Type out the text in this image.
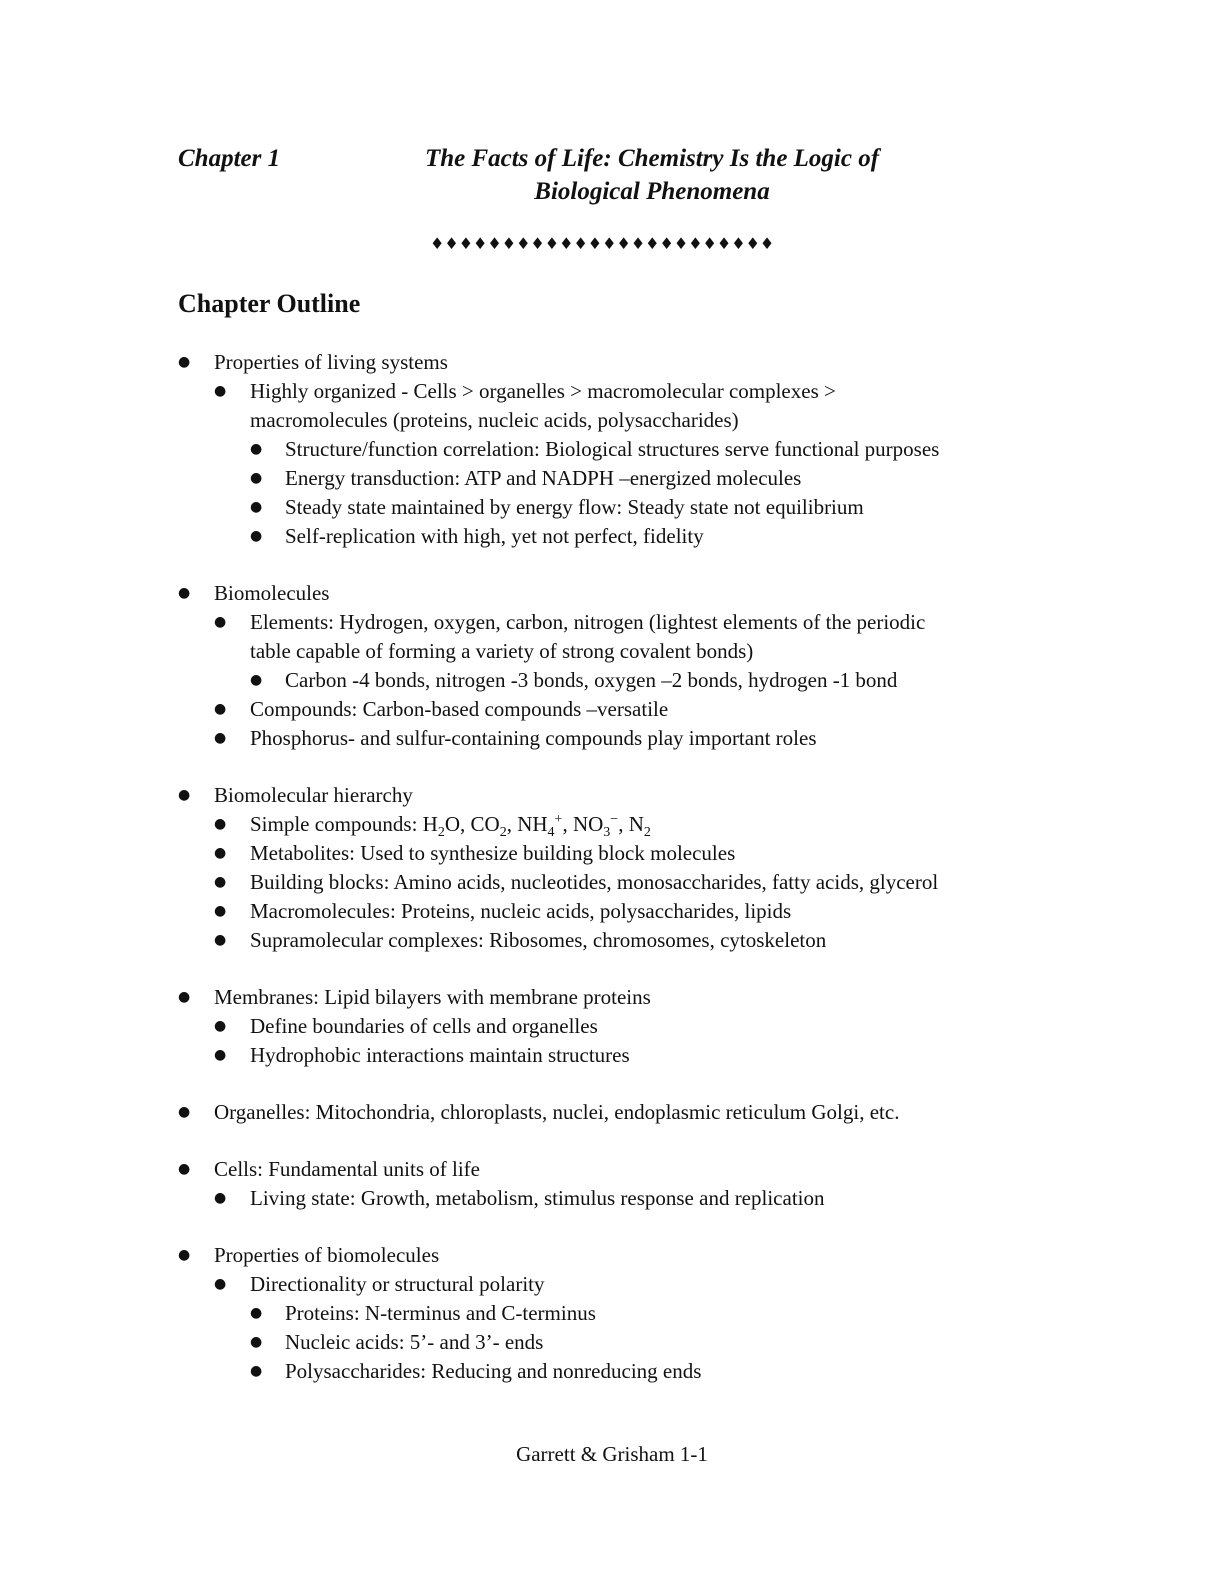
Chapter 1	The Facts of Life: Chemistry Is the Logic of
Biological Phenomena
♦♦♦♦♦♦♦♦♦♦♦♦♦♦♦♦♦♦♦♦♦♦♦♦
Chapter Outline
● Properties of living systems
● Highly organized - Cells > organelles > macromolecular complexes >
macromolecules (proteins, nucleic acids, polysaccharides)
● Structure/function correlation: Biological structures serve functional purposes
● Energy transduction: ATP and NADPH –energized molecules
● Steady state maintained by energy flow: Steady state not equilibrium
● Self-replication with high, yet not perfect, fidelity
● Biomolecules
● Elements: Hydrogen, oxygen, carbon, nitrogen (lightest elements of the periodic
table capable of forming a variety of strong covalent bonds)
● Carbon -4 bonds, nitrogen -3 bonds, oxygen –2 bonds, hydrogen -1 bond
● Compounds: Carbon-based compounds –versatile
● Phosphorus- and sulfur-containing compounds play important roles
● Biomolecular hierarchy
● Simple compounds: $H_2O$, $CO_2$, $NH_4^+$, $NO_3^-$, $N_2$
● Metabolites: Used to synthesize building block molecules
● Building blocks: Amino acids, nucleotides, monosaccharides, fatty acids, glycerol
● Macromolecules: Proteins, nucleic acids, polysaccharides, lipids
● Supramolecular complexes: Ribosomes, chromosomes, cytoskeleton
● Membranes: Lipid bilayers with membrane proteins
● Define boundaries of cells and organelles
● Hydrophobic interactions maintain structures
● Organelles: Mitochondria, chloroplasts, nuclei, endoplasmic reticulum Golgi, etc.
● Cells: Fundamental units of life
● Living state: Growth, metabolism, stimulus response and replication
● Properties of biomolecules
● Directionality or structural polarity
● Proteins: N-terminus and C-terminus
● Nucleic acids: 5’- and 3’- ends
● Polysaccharides: Reducing and nonreducing ends
Garrett & Grisham 1-1
